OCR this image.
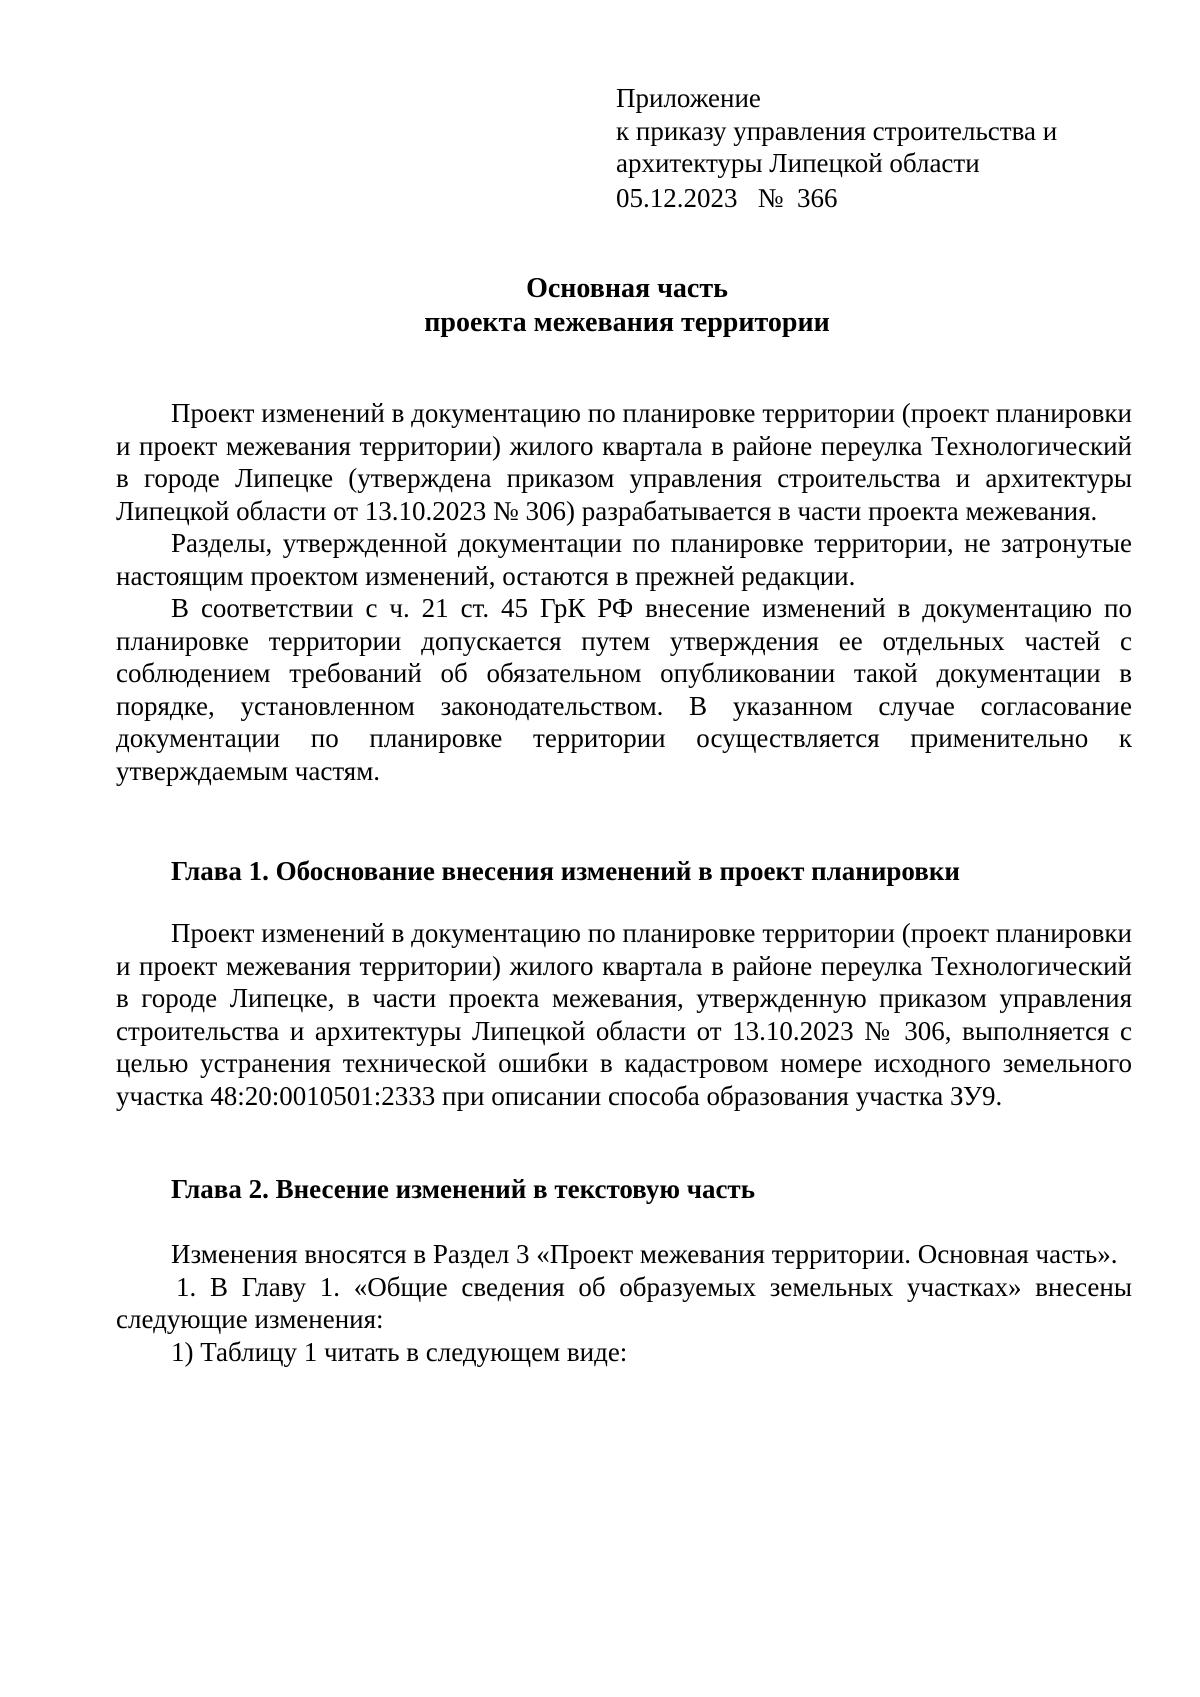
Приложение
к приказу управления строительства и
архитектуры Липецкой области
05.12.2023 № 366
Основная часть
проекта межевания территории

Проект изменений в документацию по планировке территории (проект планировки и проект межевания территории) жилого квартала в районе переулка Технологический в городе Липецке (утверждена приказом управления строительства и архитектуры Липецкой области от 13.10.2023 № 306) разрабатывается в части проекта межевания.

Разделы, утвержденной документации по планировке территории, не затронутые настоящим проектом изменений, остаются в прежней редакции.

В соответствии с ч. 21 ст. 45 ГрК РФ внесение изменений в документацию по планировке территории допускается путем утверждения ее отдельных частей с соблюдением требований об обязательном опубликовании такой документации в порядке, установленном законодательством. В указанном случае согласование документации по планировке территории осуществляется применительно к утверждаемым частям.

Глава 1. Обоснование внесения изменений в проект планировки

Проект изменений в документацию по планировке территории (проект планировки и проект межевания территории) жилого квартала в районе переулка Технологический в городе Липецке, в части проекта межевания, утвержденную приказом управления строительства и архитектуры Липецкой области от 13.10.2023 № 306, выполняется с целью устранения технической ошибки в кадастровом номере исходного земельного участка 48:20:0010501:2333 при описании способа образования участка ЗУ9.

Глава 2. Внесение изменений в текстовую часть

Изменения вносятся в Раздел 3 «Проект межевания территории. Основная часть».

1. В Главу 1. «Общие сведения об образуемых земельных участках» внесены следующие изменения:

1) Таблицу 1 читать в следующем виде:
